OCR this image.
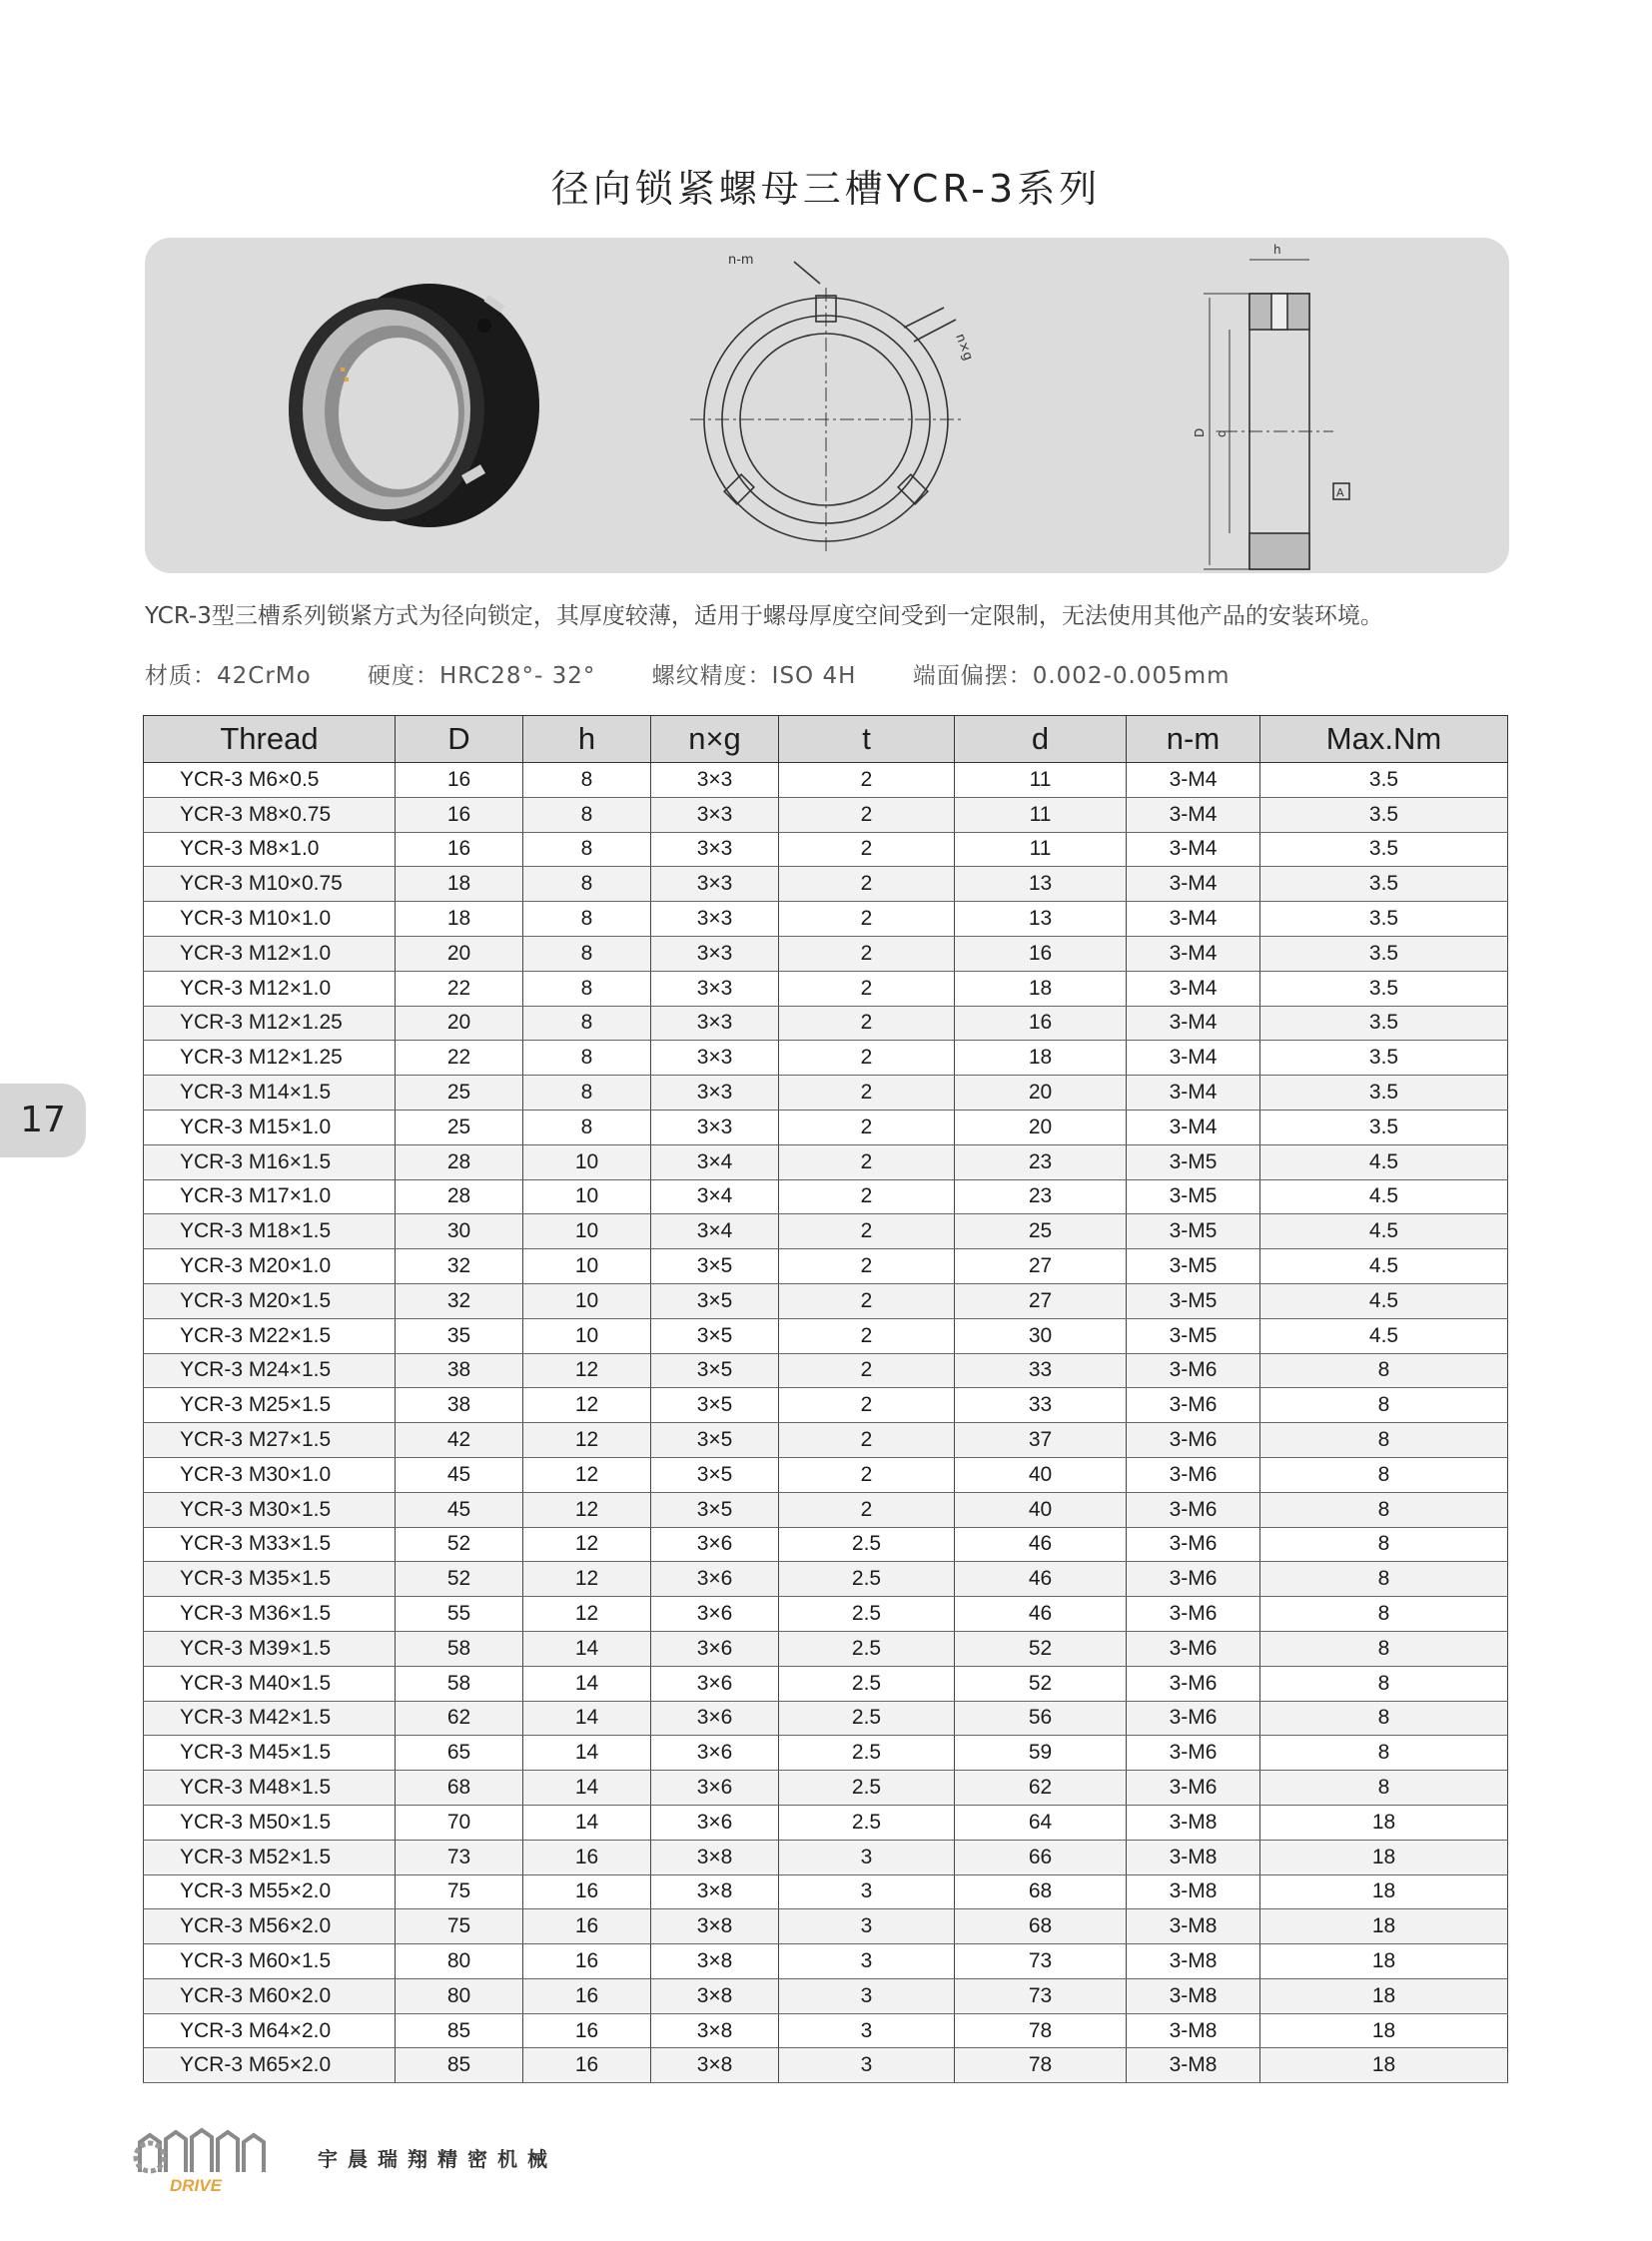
径向锁紧螺母三槽YCR-3系列
n-m
n×g
h
D d
A
YCR-3型三槽系列锁紧方式为径向锁定，其厚度较薄，适用于螺母厚度空间受到一定限制，无法使用其他产品的安装环境。
材质：42CrMo 硬度：HRC28°- 32° 螺纹精度：ISO 4H 端面偏摆：0.002-0.005mm
Thread	D	h	n×g	t	d	n-m	Max.Nm
YCR-3 M6×0.5	16	8	3×3	2	11	3-M4	3.5
YCR-3 M8×0.75	16	8	3×3	2	11	3-M4	3.5
YCR-3 M8×1.0	16	8	3×3	2	11	3-M4	3.5
YCR-3 M10×0.75	18	8	3×3	2	13	3-M4	3.5
YCR-3 M10×1.0	18	8	3×3	2	13	3-M4	3.5
YCR-3 M12×1.0	20	8	3×3	2	16	3-M4	3.5
YCR-3 M12×1.0	22	8	3×3	2	18	3-M4	3.5
YCR-3 M12×1.25	20	8	3×3	2	16	3-M4	3.5
YCR-3 M12×1.25	22	8	3×3	2	18	3-M4	3.5
YCR-3 M14×1.5	25	8	3×3	2	20	3-M4	3.5
YCR-3 M15×1.0	25	8	3×3	2	20	3-M4	3.5
YCR-3 M16×1.5	28	10	3×4	2	23	3-M5	4.5
YCR-3 M17×1.0	28	10	3×4	2	23	3-M5	4.5
YCR-3 M18×1.5	30	10	3×4	2	25	3-M5	4.5
YCR-3 M20×1.0	32	10	3×5	2	27	3-M5	4.5
YCR-3 M20×1.5	32	10	3×5	2	27	3-M5	4.5
YCR-3 M22×1.5	35	10	3×5	2	30	3-M5	4.5
YCR-3 M24×1.5	38	12	3×5	2	33	3-M6	8
YCR-3 M25×1.5	38	12	3×5	2	33	3-M6	8
YCR-3 M27×1.5	42	12	3×5	2	37	3-M6	8
YCR-3 M30×1.0	45	12	3×5	2	40	3-M6	8
YCR-3 M30×1.5	45	12	3×5	2	40	3-M6	8
YCR-3 M33×1.5	52	12	3×6	2.5	46	3-M6	8
YCR-3 M35×1.5	52	12	3×6	2.5	46	3-M6	8
YCR-3 M36×1.5	55	12	3×6	2.5	46	3-M6	8
YCR-3 M39×1.5	58	14	3×6	2.5	52	3-M6	8
YCR-3 M40×1.5	58	14	3×6	2.5	52	3-M6	8
YCR-3 M42×1.5	62	14	3×6	2.5	56	3-M6	8
YCR-3 M45×1.5	65	14	3×6	2.5	59	3-M6	8
YCR-3 M48×1.5	68	14	3×6	2.5	62	3-M6	8
YCR-3 M50×1.5	70	14	3×6	2.5	64	3-M8	18
YCR-3 M52×1.5	73	16	3×8	3	66	3-M8	18
YCR-3 M55×2.0	75	16	3×8	3	68	3-M8	18
YCR-3 M56×2.0	75	16	3×8	3	68	3-M8	18
YCR-3 M60×1.5	80	16	3×8	3	73	3-M8	18
YCR-3 M60×2.0	80	16	3×8	3	73	3-M8	18
YCR-3 M64×2.0	85	16	3×8	3	78	3-M8	18
YCR-3 M65×2.0	85	16	3×8	3	78	3-M8	18
17
DRIVE
宇晨瑞翔精密机械
